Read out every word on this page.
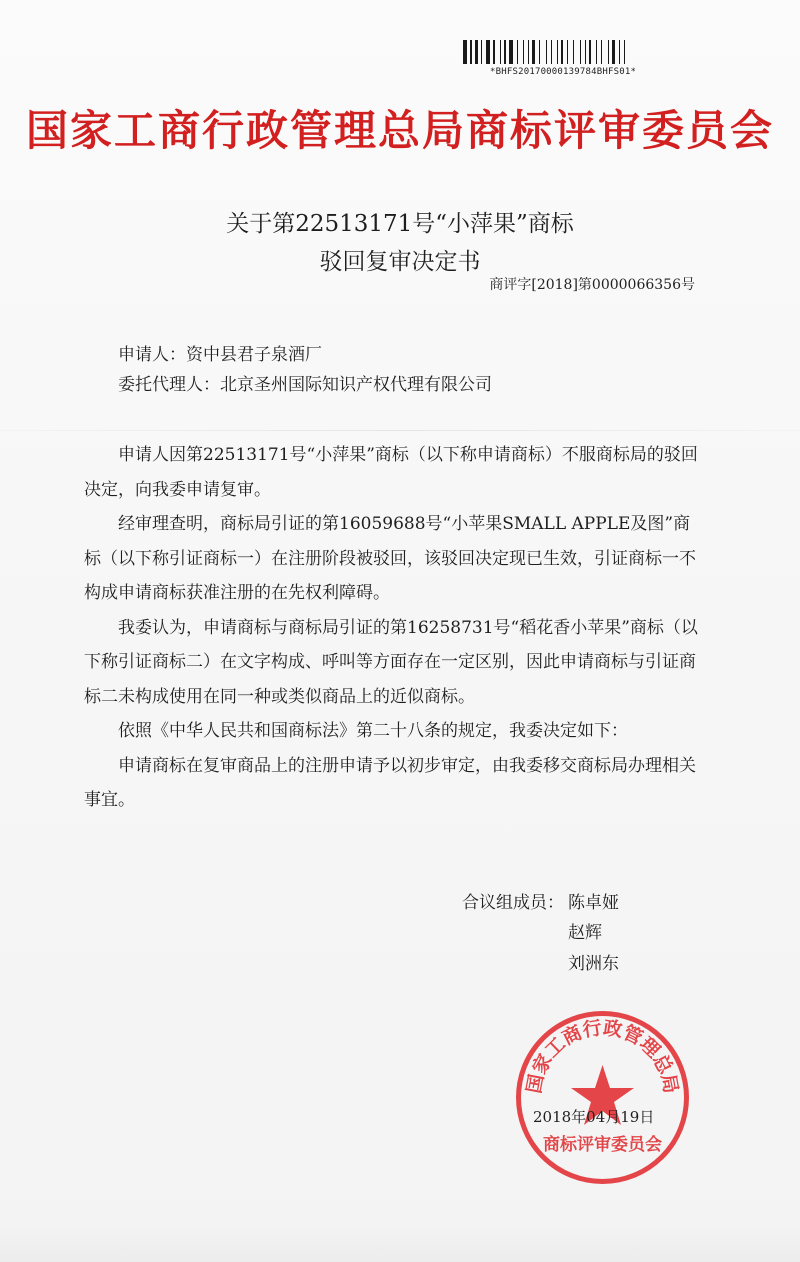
*BHFS20170000139784BHFS01*
国家工商行政管理总局商标评审委员会
关于第22513171号“小萍果”商标
驳回复审决定书
商评字[2018]第0000066356号
申请人：资中县君子泉酒厂
委托代理人：北京圣州国际知识产权代理有限公司

申请人因第22513171号“小萍果”商标（以下称申请商标）不服商标局的驳回决定，向我委申请复审。

经审理查明，商标局引证的第16059688号“小苹果SMALL APPLE及图”商标（以下称引证商标一）在注册阶段被驳回，该驳回决定现已生效，引证商标一不构成申请商标获准注册的在先权利障碍。

我委认为，申请商标与商标局引证的第16258731号“稻花香小苹果”商标（以下称引证商标二）在文字构成、呼叫等方面存在一定区别，因此申请商标与引证商标二未构成使用在同一种或类似商品上的近似商标。

依照《中华人民共和国商标法》第二十八条的规定，我委决定如下：

申请商标在复审商品上的注册申请予以初步审定，由我委移交商标局办理相关事宜。

合议组成员： 陈卓娅
赵辉
刘洲东
国家工商行政管理总局
商标评审委员会
2018年04月19日
